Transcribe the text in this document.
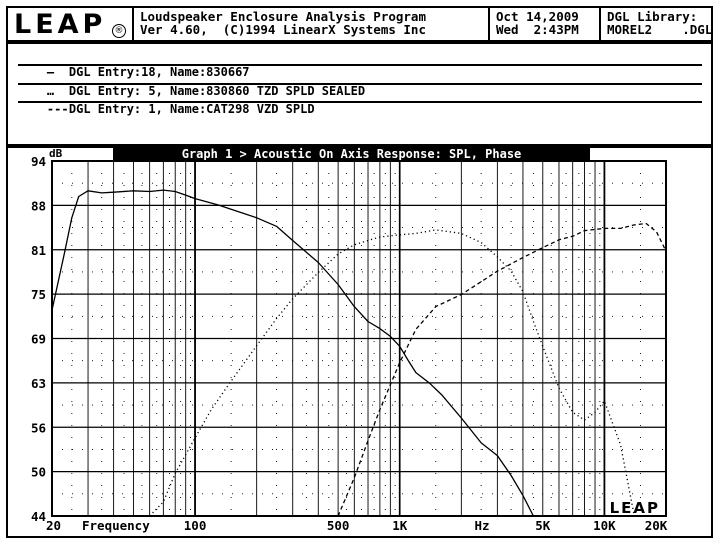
LEAP ®
Loudspeaker Enclosure Analysis Program
Ver 4.60,  (C)1994 LinearX Systems Inc
Oct 14,2009
Wed  2:43PM
DGL Library:
MOREL2    .DGL

— DGL Entry:18, Name:830667

… DGL Entry: 5, Name:830860 TZD SPLD SEALED

---DGL Entry: 1, Name:CAT298 VZD SPLD

Graph 1 > Acoustic On Axis Response: SPL, Phase
94
88
81
75
69
63
56
50
44
dB
20	100	500	1K	5K	10K 20K
Frequency	Hz
LEAP
